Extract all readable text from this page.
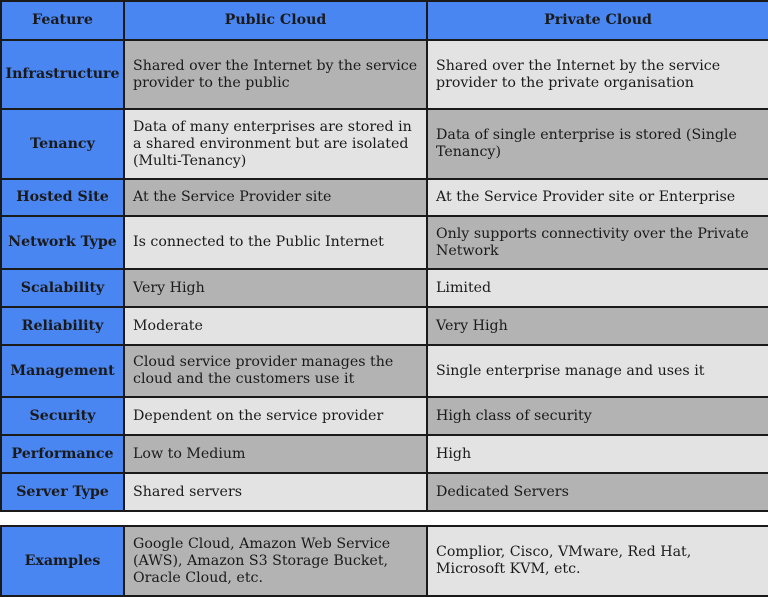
Feature	Public Cloud	Private Cloud
Infrastructure	Shared over the Internet by the service provider to the public	Shared over the Internet by the service provider to the private organisation
Tenancy	Data of many enterprises are stored in a shared environment but are isolated (Multi-Tenancy)	Data of single enterprise is stored (Single Tenancy)
Hosted Site	At the Service Provider site	At the Service Provider site or Enterprise
Network Type	Is connected to the Public Internet	Only supports connectivity over the Private Network
Scalability	Very High	Limited
Reliability	Moderate	Very High
Management	Cloud service provider manages the cloud and the customers use it	Single enterprise manage and uses it
Security	Dependent on the service provider	High class of security
Performance	Low to Medium	High
Server Type	Shared servers	Dedicated Servers
Examples	Google Cloud, Amazon Web Service (AWS), Amazon S3 Storage Bucket, Oracle Cloud, etc.	Complior, Cisco, VMware, Red Hat, Microsoft KVM, etc.
